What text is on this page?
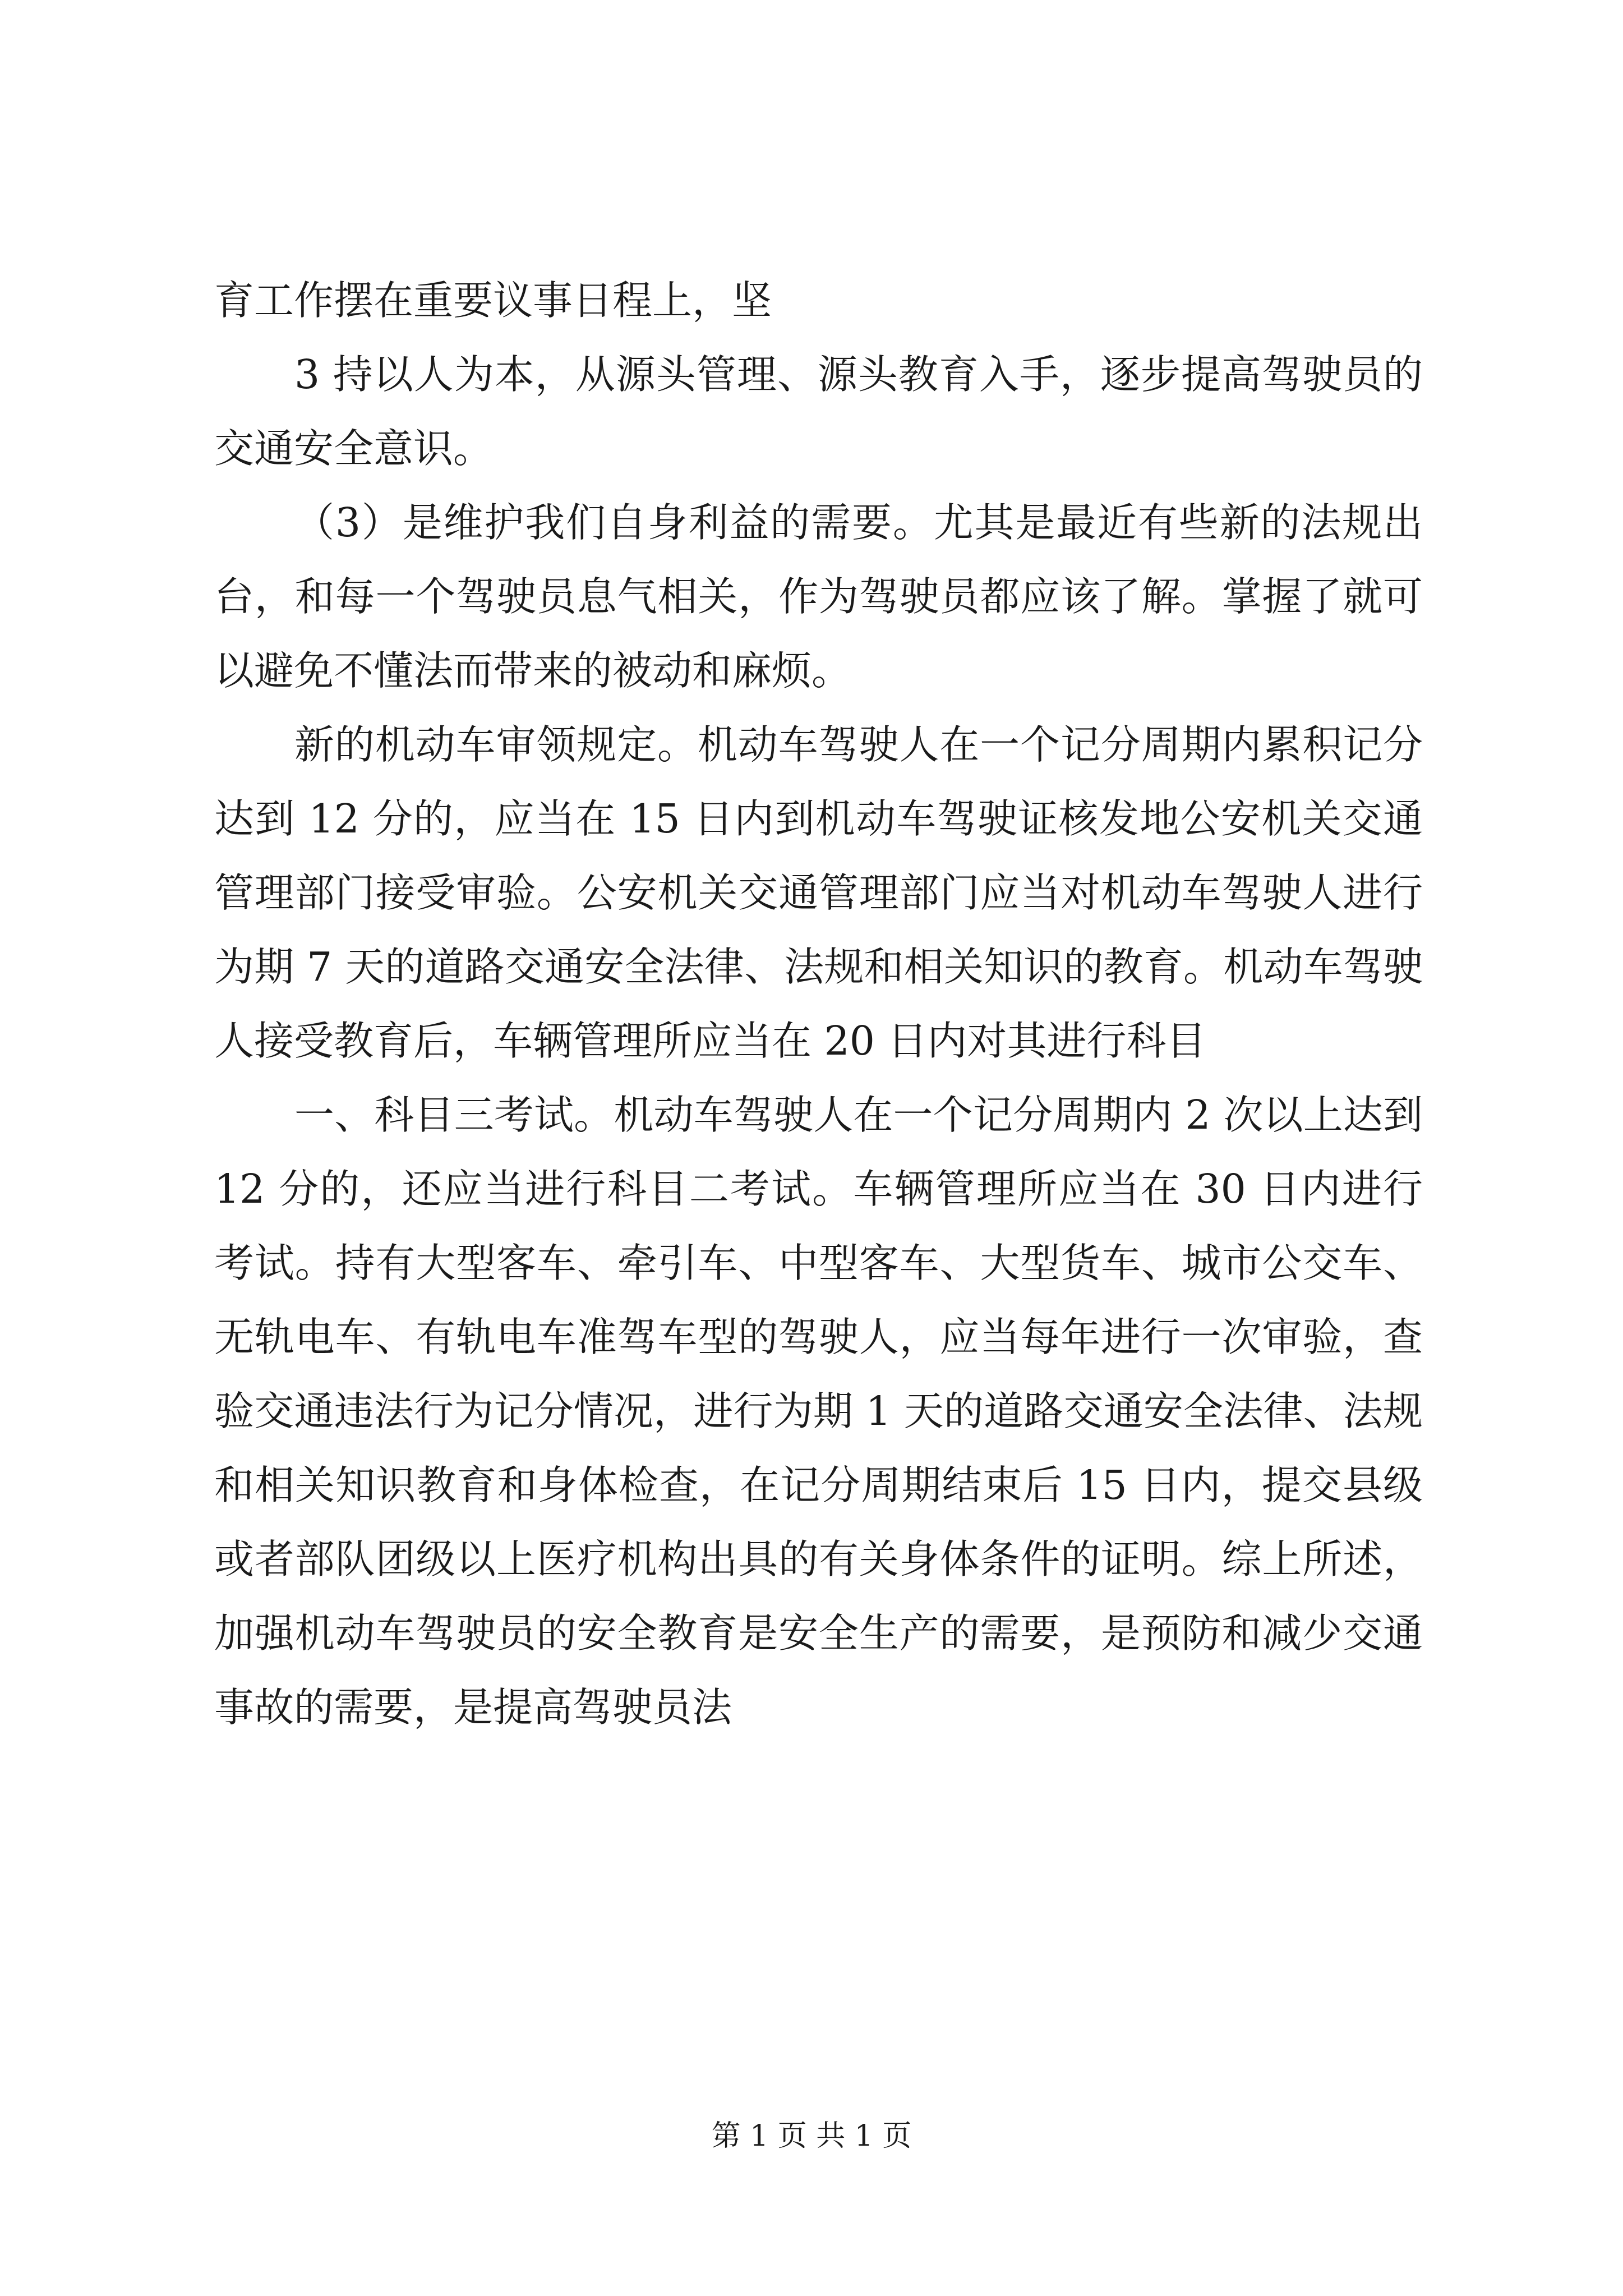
育工作摆在重要议事日程上，坚

3 持以人为本，从源头管理、源头教育入手，逐步提高驾驶员的交通安全意识。

（3）是维护我们自身利益的需要。尤其是最近有些新的法规出台，和每一个驾驶员息气相关，作为驾驶员都应该了解。掌握了就可以避免不懂法而带来的被动和麻烦。

新的机动车审领规定。机动车驾驶人在一个记分周期内累积记分达到 12 分的，应当在 15 日内到机动车驾驶证核发地公安机关交通管理部门接受审验。公安机关交通管理部门应当对机动车驾驶人进行为期 7 天的道路交通安全法律、法规和相关知识的教育。机动车驾驶人接受教育后，车辆管理所应当在 20 日内对其进行科目

一、科目三考试。机动车驾驶人在一个记分周期内 2 次以上达到 12 分的，还应当进行科目二考试。车辆管理所应当在 30 日内进行考试。持有大型客车、牵引车、中型客车、大型货车、城市公交车、无轨电车、有轨电车准驾车型的驾驶人，应当每年进行一次审验，查验交通违法行为记分情况，进行为期 1 天的道路交通安全法律、法规和相关知识教育和身体检查，在记分周期结束后 15 日内，提交县级或者部队团级以上医疗机构出具的有关身体条件的证明。综上所述，加强机动车驾驶员的安全教育是安全生产的需要，是预防和减少交通事故的需要，是提高驾驶员法

第 1 页 共 1 页
